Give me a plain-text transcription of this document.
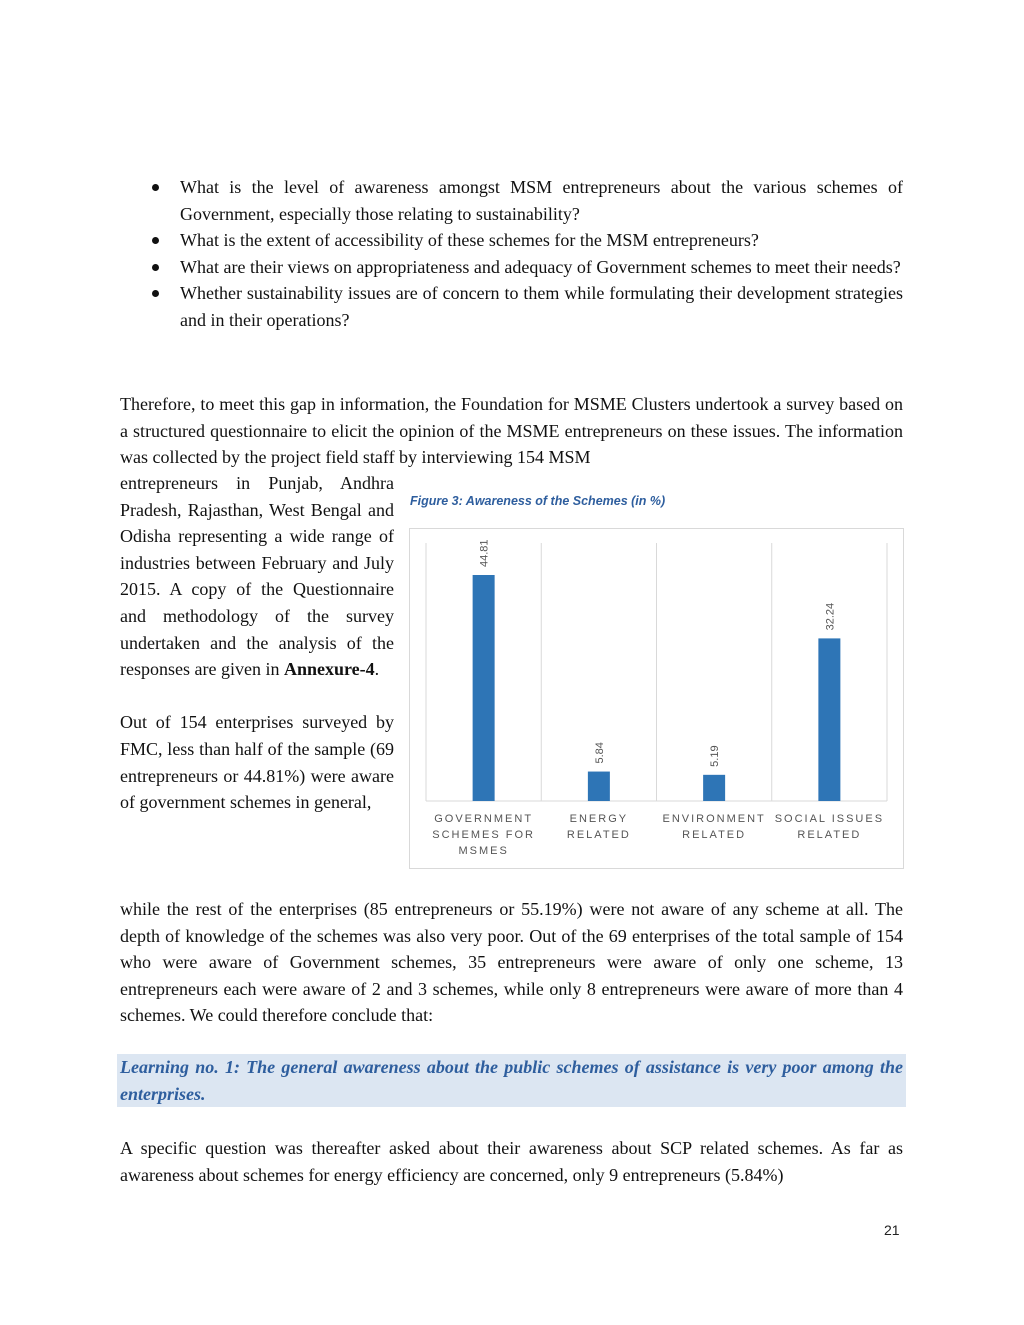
What is the level of awareness amongst MSM entrepreneurs about the various schemes of Government, especially those relating to sustainability?
What is the extent of accessibility of these schemes for the MSM entrepreneurs?
What are their views on appropriateness and adequacy of Government schemes to meet their needs?
Whether sustainability issues are of concern to them while formulating their development strategies and in their operations?

Therefore, to meet this gap in information, the Foundation for MSME Clusters undertook a survey based on a structured questionnaire to elicit the opinion of the MSME entrepreneurs on these issues. The information was collected by the project field staff by interviewing 154 MSM

entrepreneurs in Punjab, Andhra Pradesh, Rajasthan, West Bengal and Odisha representing a wide range of industries between February and July 2015. A copy of the Questionnaire and methodology of the survey undertaken and the analysis of the responses are given in Annexure-4.

Out of 154 enterprises surveyed by FMC, less than half of the sample (69 entrepreneurs or 44.81%) were aware of government schemes in general,

while the rest of the enterprises (85 entrepreneurs or 55.19%) were not aware of any scheme at all. The depth of knowledge of the schemes was also very poor. Out of the 69 enterprises of the total sample of 154 who were aware of Government schemes, 35 entrepreneurs were aware of only one scheme, 13 entrepreneurs each were aware of 2 and 3 schemes, while only 8 entrepreneurs were aware of more than 4 schemes. We could therefore conclude that:

Figure 3: Awareness of the Schemes (in %)
44.81
GOVERNMENT
SCHEMES FOR
MSMES
5.84
ENERGY
RELATED
5.19
ENVIRONMENT
RELATED
32.24
SOCIAL ISSUES
RELATED

Learning no. 1: The general awareness about the public schemes of assistance is very poor among the enterprises.

A specific question was thereafter asked about their awareness about SCP related schemes. As far as awareness about schemes for energy efficiency are concerned, only 9 entrepreneurs (5.84%)

21
